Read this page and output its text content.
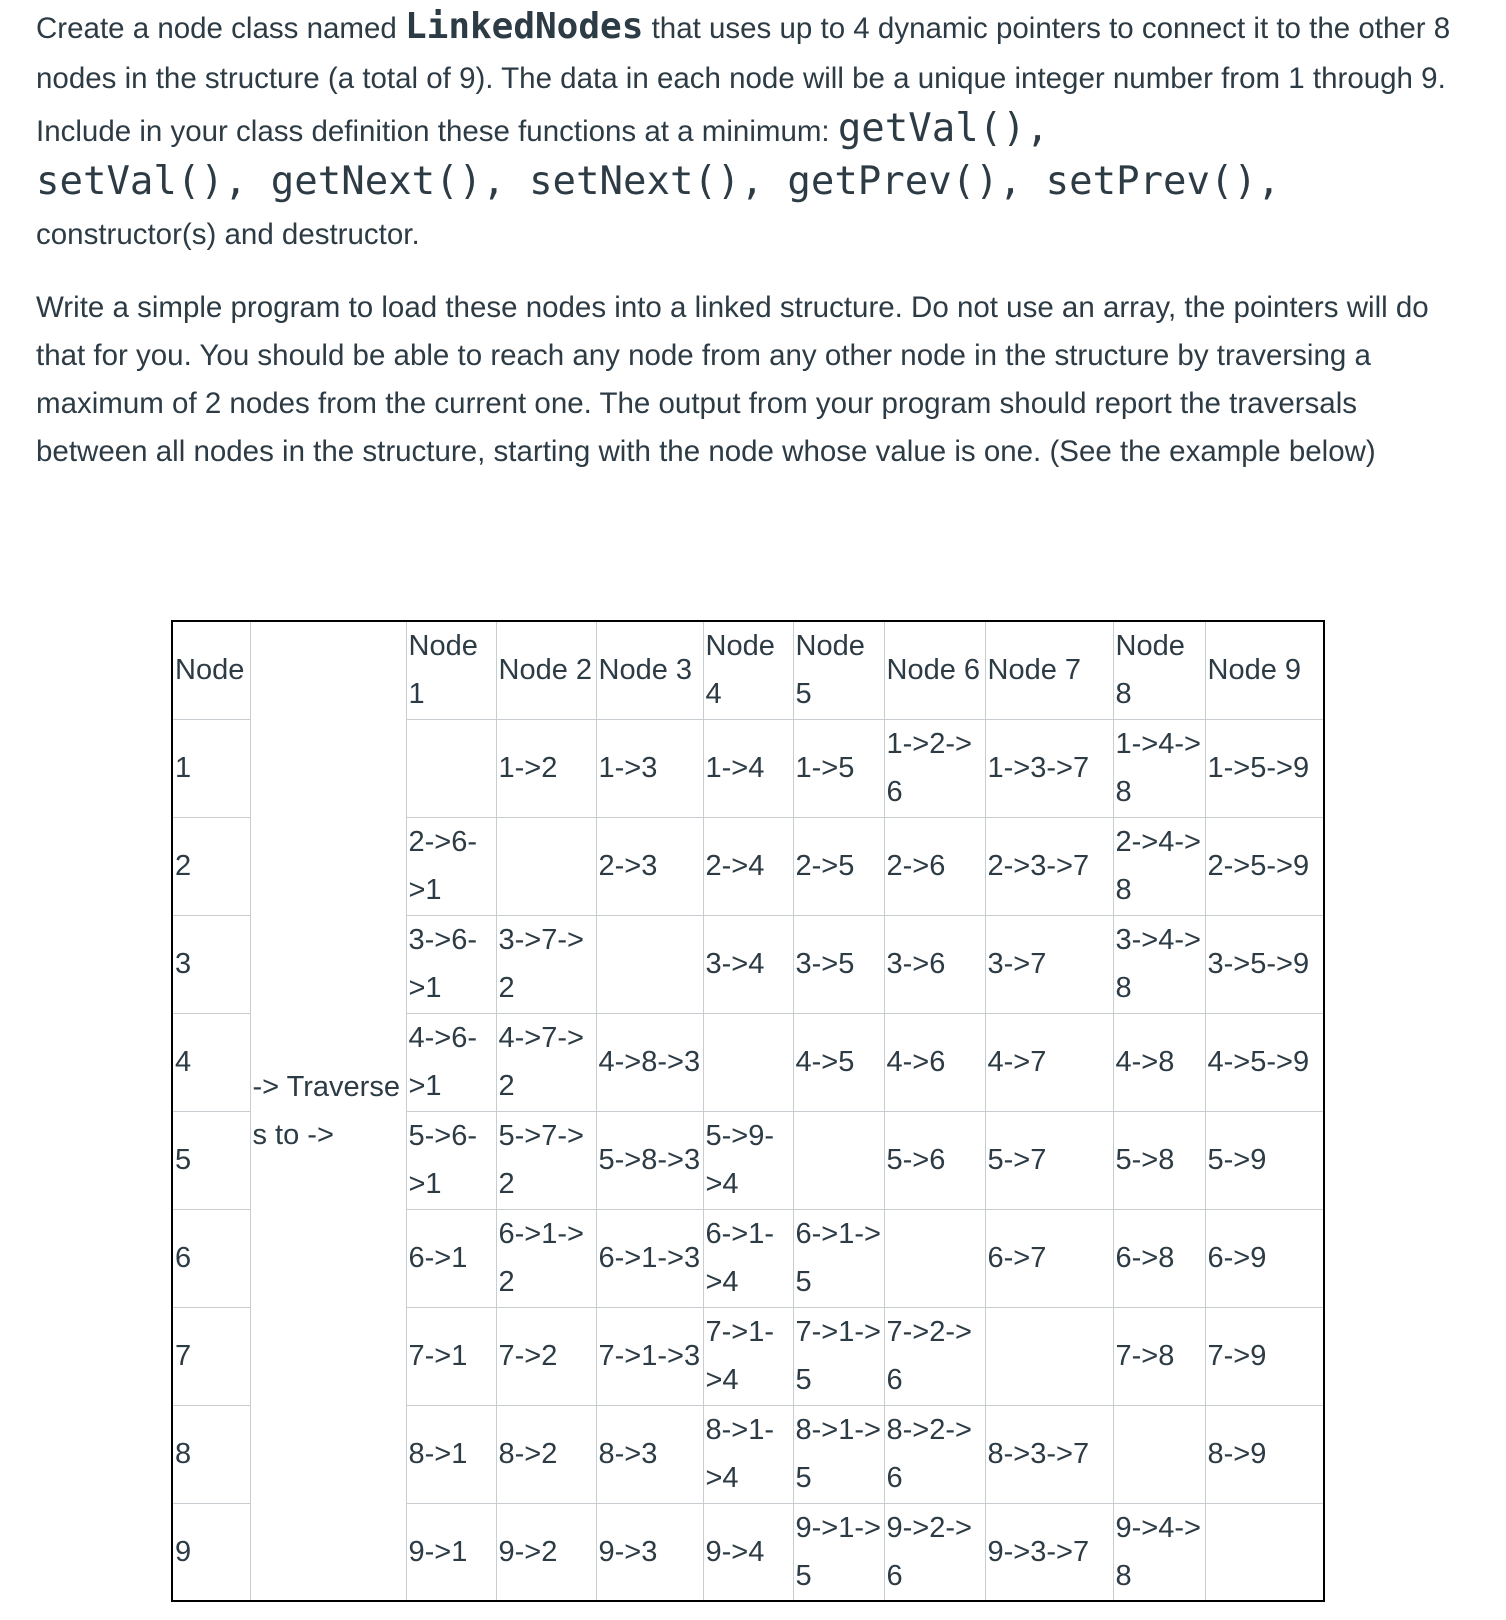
Create a node class named LinkedNodes that uses up to 4 dynamic pointers to connect it to the other 8 nodes in the structure (a total of 9). The data in each node will be a unique integer number from 1 through 9. Include in your class definition these functions at a minimum: getVal(),
setVal(), getNext(), setNext(), getPrev(), setPrev(),
constructor(s) and destructor.

Write a simple program to load these nodes into a linked structure. Do not use an array, the pointers will do that for you. You should be able to reach any node from any other node in the structure by traversing a maximum of 2 nodes from the current one. The output from your program should report the traversals between all nodes in the structure, starting with the node whose value is one. (See the example below)

Node	-> Traverses to ->	Node 1	Node 2	Node 3	Node 4	Node 5	Node 6	Node 7	Node 8	Node 9
1			1->2	1->3	1->4	1->5	1->2->6	1->3->7	1->4->8	1->5->9
2		2->6->1		2->3	2->4	2->5	2->6	2->3->7	2->4->8	2->5->9
3		3->6->1	3->7->2		3->4	3->5	3->6	3->7	3->4->8	3->5->9
4		4->6->1	4->7->2	4->8->3		4->5	4->6	4->7	4->8	4->5->9
5		5->6->1	5->7->2	5->8->3	5->9->4		5->6	5->7	5->8	5->9
6		6->1	6->1->2	6->1->3	6->1->4	6->1->5		6->7	6->8	6->9
7		7->1	7->2	7->1->3	7->1->4	7->1->5	7->2->6		7->8	7->9
8		8->1	8->2	8->3	8->1->4	8->1->5	8->2->6	8->3->7		8->9
9		9->1	9->2	9->3	9->4	9->1->5	9->2->6	9->3->7	9->4->8	
